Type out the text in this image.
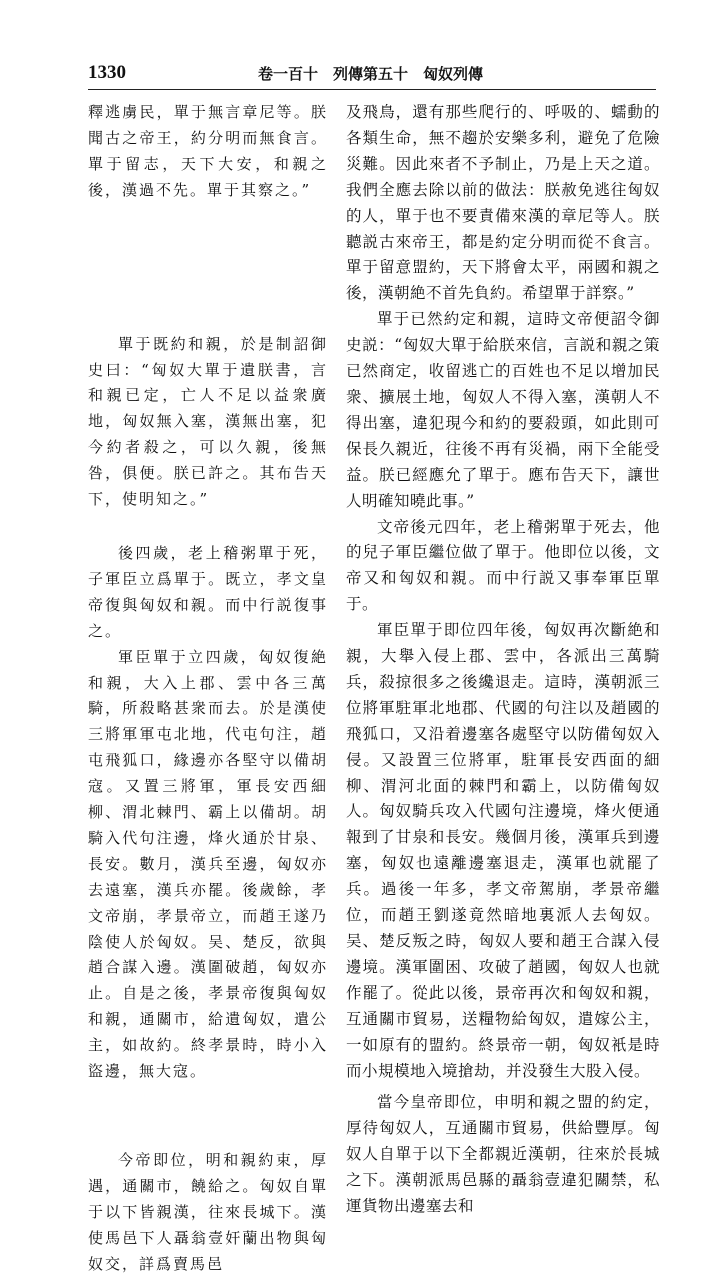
1330	卷一百十　列傳第五十　匈奴列傳

釋逃虜民，單于無言章尼等。朕聞古之帝王，約分明而無食言。單于留志，天下大安，和親之後，漢過不先。單于其察之。”

單于既約和親，於是制詔御史曰：“匈奴大單于遺朕書，言和親已定，亡人不足以益衆廣地，匈奴無入塞，漢無出塞，犯今約者殺之，可以久親，後無咎，俱便。朕已許之。其布告天下，使明知之。”

後四歲，老上稽粥單于死，子軍臣立爲單于。既立，孝文皇帝復與匈奴和親。而中行説復事之。

軍臣單于立四歲，匈奴復絶和親，大入上郡、雲中各三萬騎，所殺略甚衆而去。於是漢使三將軍軍屯北地，代屯句注，趙屯飛狐口，緣邊亦各堅守以備胡寇。又置三將軍，軍長安西細柳、渭北棘門、霸上以備胡。胡騎入代句注邊，烽火通於甘泉、長安。數月，漢兵至邊，匈奴亦去遠塞，漢兵亦罷。後歲餘，孝文帝崩，孝景帝立，而趙王遂乃陰使人於匈奴。吴、楚反，欲與趙合謀入邊。漢圍破趙，匈奴亦止。自是之後，孝景帝復與匈奴和親，通關市，給遺匈奴，遣公主，如故約。終孝景時，時小入盜邊，無大寇。

今帝即位，明和親約束，厚遇，通關市，饒給之。匈奴自單于以下皆親漢，往來長城下。漢使馬邑下人聶翁壹奸蘭出物與匈奴交，詳爲賣馬邑

及飛鳥，還有那些爬行的、呼吸的、蠕動的各類生命，無不趨於安樂多利，避免了危險災難。因此來者不予制止，乃是上天之道。我們全應去除以前的做法：朕赦免逃往匈奴的人，單于也不要責備來漢的章尼等人。朕聽説古來帝王，都是約定分明而從不食言。單于留意盟約，天下將會太平，兩國和親之後，漢朝絶不首先負約。希望單于詳察。”

單于已然約定和親，這時文帝便詔令御史説：“匈奴大單于給朕來信，言説和親之策已然商定，收留逃亡的百姓也不足以增加民衆、擴展土地，匈奴人不得入塞，漢朝人不得出塞，違犯現今和約的要殺頭，如此則可保長久親近，往後不再有災禍，兩下全能受益。朕已經應允了單于。應布告天下，讓世人明確知曉此事。”

文帝後元四年，老上稽粥單于死去，他的兒子軍臣繼位做了單于。他即位以後，文帝又和匈奴和親。而中行説又事奉軍臣單于。

軍臣單于即位四年後，匈奴再次斷絶和親，大舉入侵上郡、雲中，各派出三萬騎兵，殺掠很多之後纔退走。這時，漢朝派三位將軍駐軍北地郡、代國的句注以及趙國的飛狐口，又沿着邊塞各處堅守以防備匈奴入侵。又設置三位將軍，駐軍長安西面的細柳、渭河北面的棘門和霸上，以防備匈奴人。匈奴騎兵攻入代國句注邊境，烽火便通報到了甘泉和長安。幾個月後，漢軍兵到邊塞，匈奴也遠離邊塞退走，漢軍也就罷了兵。過後一年多，孝文帝駕崩，孝景帝繼位，而趙王劉遂竟然暗地裏派人去匈奴。吴、楚反叛之時，匈奴人要和趙王合謀入侵邊境。漢軍圍困、攻破了趙國，匈奴人也就作罷了。從此以後，景帝再次和匈奴和親，互通關市貿易，送糧物給匈奴，遣嫁公主，一如原有的盟約。終景帝一朝，匈奴衹是時而小規模地入境搶劫，并没發生大股入侵。

當今皇帝即位，申明和親之盟的約定，厚待匈奴人，互通關市貿易，供給豐厚。匈奴人自單于以下全都親近漢朝，往來於長城之下。漢朝派馬邑縣的聶翁壹違犯關禁，私運貨物出邊塞去和
